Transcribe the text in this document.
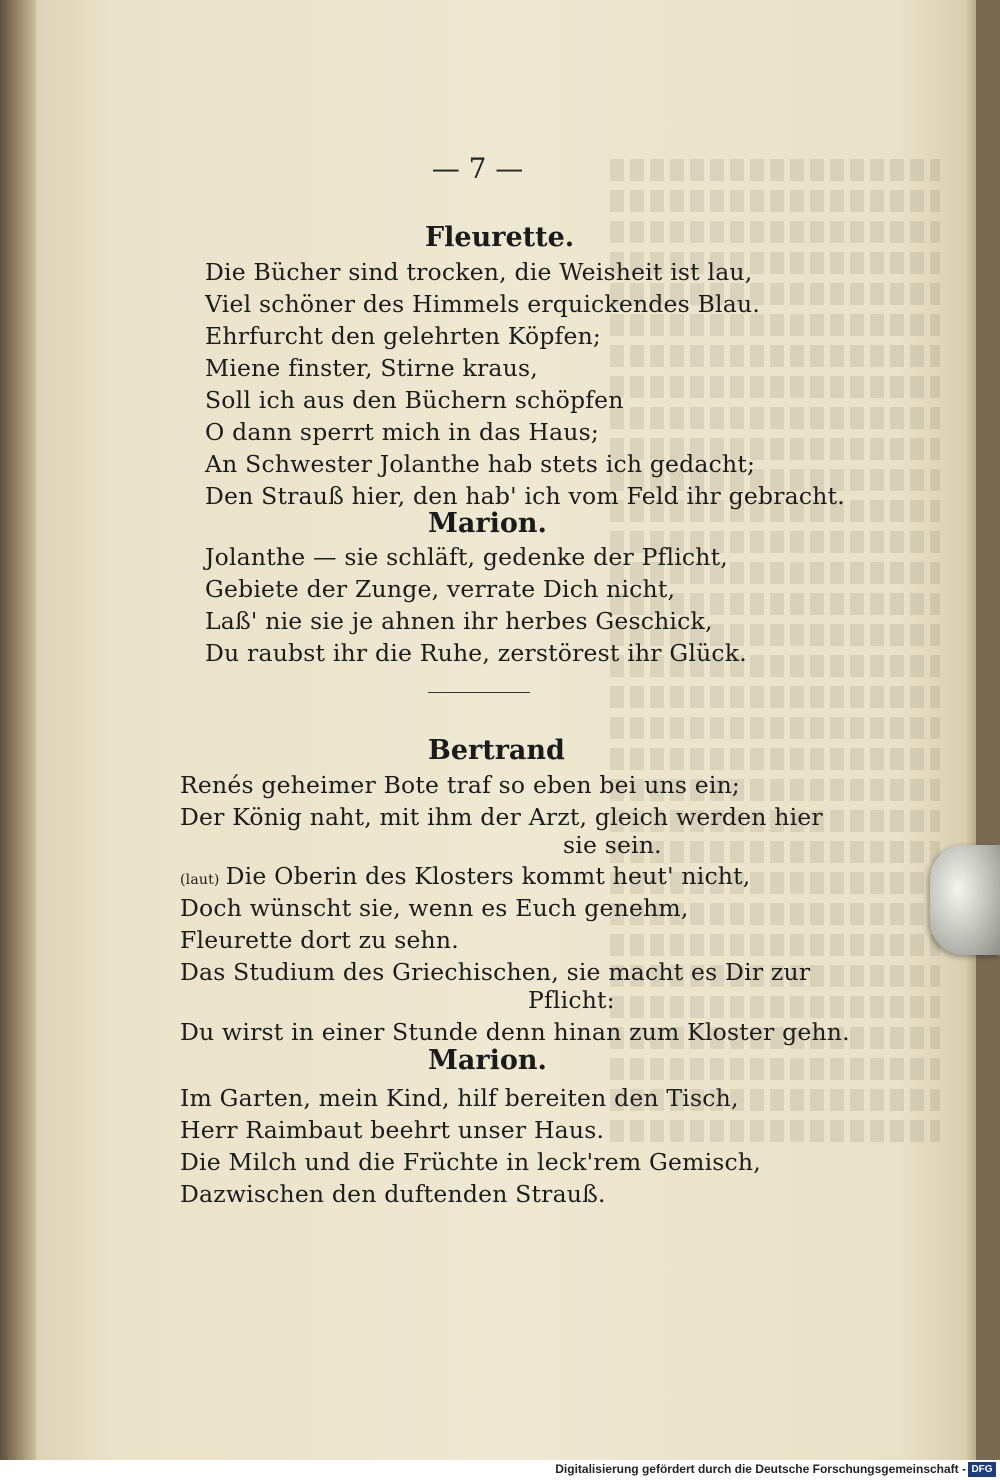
— 7 —
Fleurette.
Die Bücher sind trocken, die Weisheit ist lau,
Viel schöner des Himmels erquickendes Blau.
Ehrfurcht den gelehrten Köpfen;
Miene finster, Stirne kraus,
Soll ich aus den Büchern schöpfen
O dann sperrt mich in das Haus;
An Schwester Jolanthe hab stets ich gedacht;
Den Strauß hier, den hab' ich vom Feld ihr gebracht.
Marion.
Jolanthe — sie schläft, gedenke der Pflicht,
Gebiete der Zunge, verrate Dich nicht,
Laß' nie sie je ahnen ihr herbes Geschick,
Du raubst ihr die Ruhe, zerstörest ihr Glück.
Bertrand
Renés geheimer Bote traf so eben bei uns ein;
Der König naht, mit ihm der Arzt, gleich werden hier
sie sein.
(laut) Die Oberin des Klosters kommt heut' nicht,
Doch wünscht sie, wenn es Euch genehm,
Fleurette dort zu sehn.
Das Studium des Griechischen, sie macht es Dir zur
Pflicht:
Du wirst in einer Stunde denn hinan zum Kloster gehn.
Marion.
Im Garten, mein Kind, hilf bereiten den Tisch,
Herr Raimbaut beehrt unser Haus.
Die Milch und die Früchte in leck'rem Gemisch,
Dazwischen den duftenden Strauß.
Digitalisierung gefördert durch die Deutsche Forschungsgemeinschaft - DFG
